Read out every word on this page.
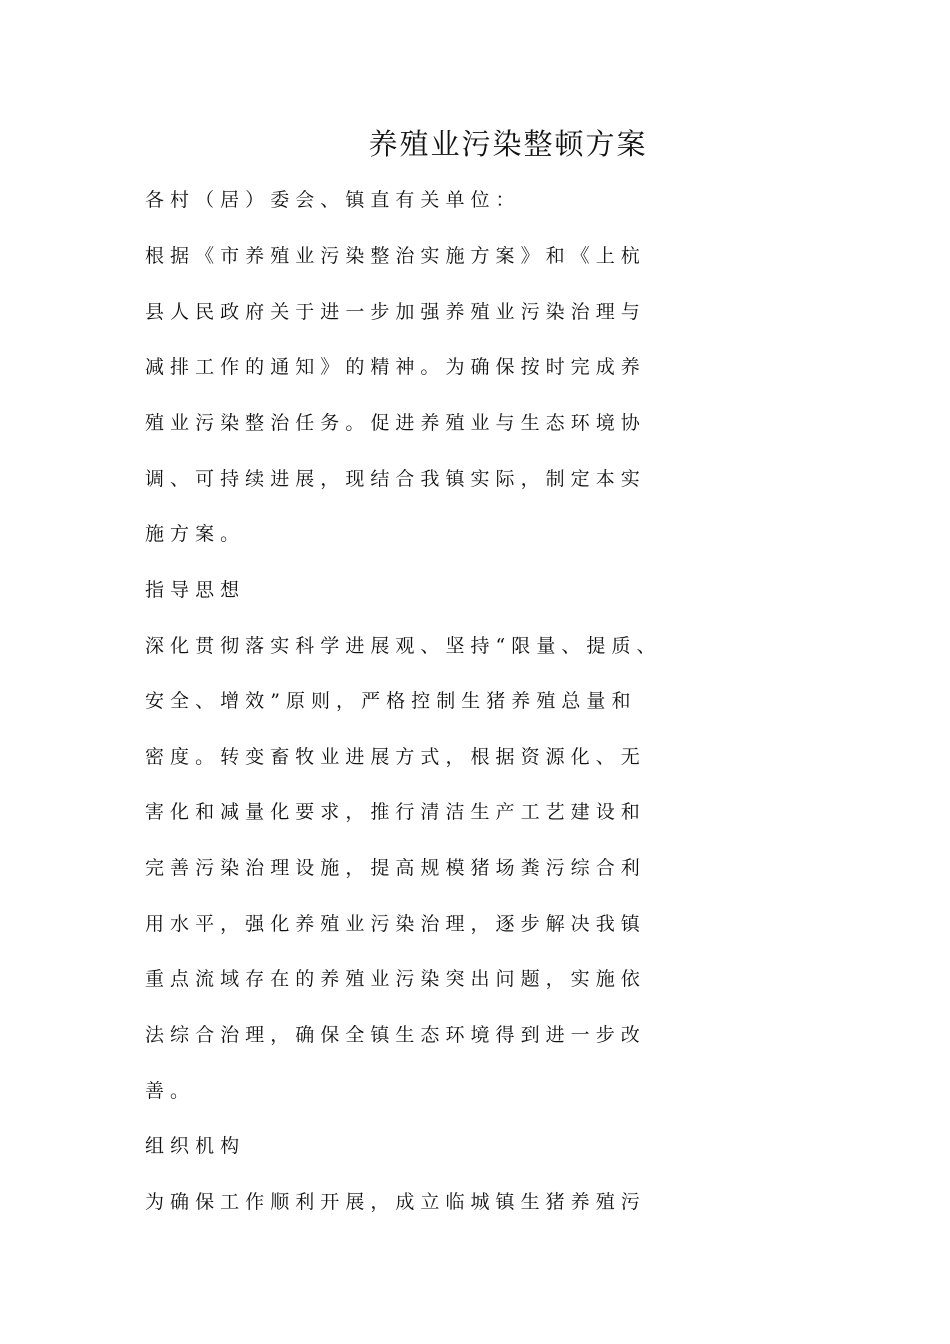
养殖业污染整顿方案

各 村 （ 居 ） 委 会 、 镇 直 有 关 单 位 ：

根 据 《 市 养 殖 业 污 染 整 治 实 施 方 案 》 和 《 上 杭

县 人 民 政 府 关 于 进 一 步 加 强 养 殖 业 污 染 治 理 与

减 排 工 作 的 通 知 》 的 精 神 。 为 确 保 按 时 完 成 养

殖 业 污 染 整 治 任 务 。 促 进 养 殖 业 与 生 态 环 境 协

调 、 可 持 续 进 展 ， 现 结 合 我 镇 实 际 ， 制 定 本 实

施 方 案 。

指 导 思 想

深 化 贯 彻 落 实 科 学 进 展 观 、 坚 持 “ 限 量 、 提 质 、

安 全 、 增 效 ” 原 则 ， 严 格 控 制 生 猪 养 殖 总 量 和

密 度 。 转 变 畜 牧 业 进 展 方 式 ， 根 据 资 源 化 、 无

害 化 和 减 量 化 要 求 ， 推 行 清 洁 生 产 工 艺 建 设 和

完 善 污 染 治 理 设 施 ， 提 高 规 模 猪 场 粪 污 综 合 利

用 水 平 ， 强 化 养 殖 业 污 染 治 理 ， 逐 步 解 决 我 镇

重 点 流 域 存 在 的 养 殖 业 污 染 突 出 问 题 ， 实 施 依

法 综 合 治 理 ， 确 保 全 镇 生 态 环 境 得 到 进 一 步 改

善 。

组 织 机 构

为 确 保 工 作 顺 利 开 展 ， 成 立 临 城 镇 生 猪 养 殖 污
